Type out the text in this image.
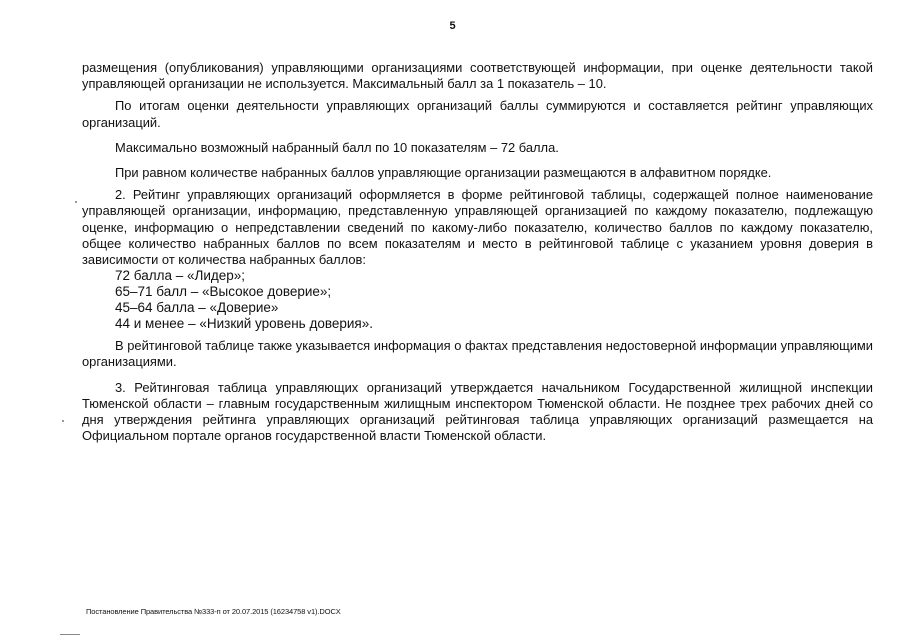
5

размещения (опубликования) управляющими организациями соответствующей информации, при оценке деятельности такой управляющей организации не используется. Максимальный балл за 1 показатель – 10.

По итогам оценки деятельности управляющих организаций баллы суммируются и составляется рейтинг управляющих организаций.

Максимально возможный набранный балл по 10 показателям – 72 балла.

При равном количестве набранных баллов управляющие организации размещаются в алфавитном порядке.

2. Рейтинг управляющих организаций оформляется в форме рейтинговой таблицы, содержащей полное наименование управляющей организации, информацию, представленную управляющей организацией по каждому показателю, подлежащую оценке, информацию о непредставлении сведений по какому-либо показателю, количество баллов по каждому показателю, общее количество набранных баллов по всем показателям и место в рейтинговой таблице с указанием уровня доверия в зависимости от количества набранных баллов:

72 балла – «Лидер»;

65–71 балл – «Высокое доверие»;

45–64 балла – «Доверие»

44 и менее – «Низкий уровень доверия».

В рейтинговой таблице также указывается информация о фактах представления недостоверной информации управляющими организациями.

3. Рейтинговая таблица управляющих организаций утверждается начальником Государственной жилищной инспекции Тюменской области – главным государственным жилищным инспектором Тюменской области. Не позднее трех рабочих дней со дня утверждения рейтинга управляющих организаций рейтинговая таблица управляющих организаций размещается на Официальном портале органов государственной власти Тюменской области.

Постановление Правительства №333-п от 20.07.2015 (16234758 v1).DOCX
